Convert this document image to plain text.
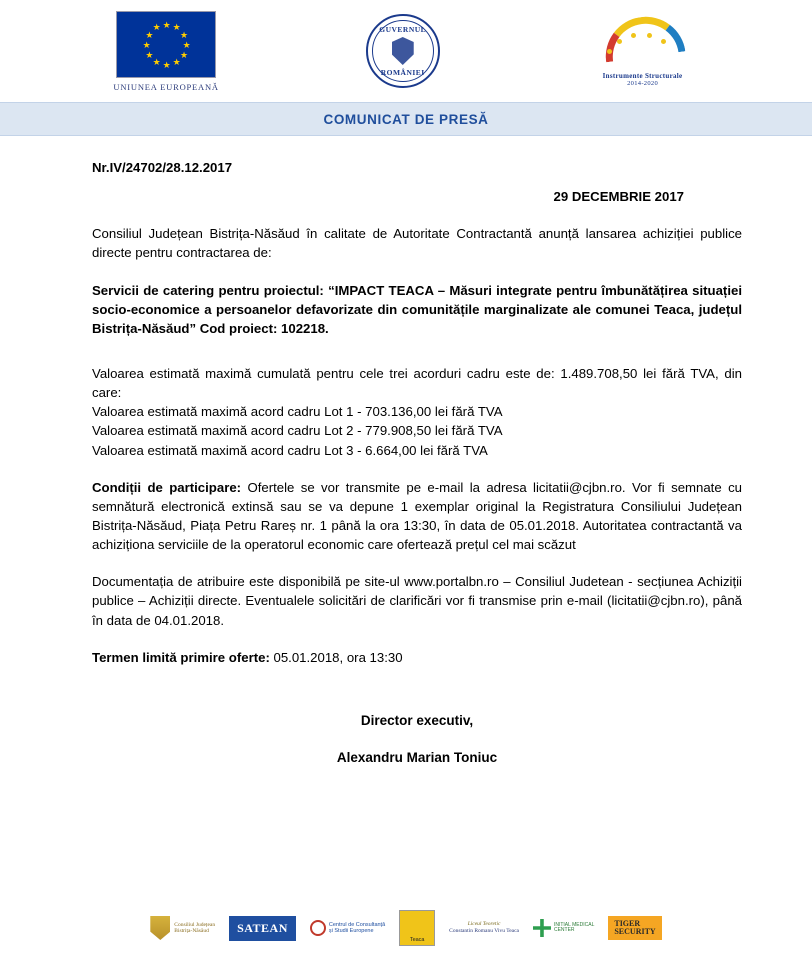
★ ★
★
★
★
★
★
★
★
★
★
★
UNIUNEA EUROPEANĂ
GUVERNUL
ROMÂNIEI	Instrumente Structurale
2014-2020
COMUNICAT DE PRESĂ
Nr.IV/24702/28.12.2017
29 DECEMBRIE 2017
Consiliul Județean Bistrița-Năsăud în calitate de Autoritate Contractantă anunță lansarea achiziției publice directe pentru contractarea de:
Servicii de catering pentru proiectul: “IMPACT TEACA – Măsuri integrate pentru îmbunătățirea situației socio-economice a persoanelor defavorizate din comunitățile marginalizate ale comunei Teaca, județul Bistrița-Năsăud” Cod proiect: 102218.
Valoarea estimată maximă cumulată pentru cele trei acorduri cadru este de: 1.489.708,50 lei fără TVA, din care:
Valoarea estimată maximă acord cadru Lot 1 - 703.136,00 lei fără TVA
Valoarea estimată maximă acord cadru Lot 2 - 779.908,50 lei fără TVA
Valoarea estimată maximă acord cadru Lot 3 - 6.664,00 lei fără TVA
Condiții de participare: Ofertele se vor transmite pe e-mail la adresa licitatii@cjbn.ro. Vor fi semnate cu semnătură electronică extinsă sau se va depune 1 exemplar original la Registratura Consiliului Județean Bistrița-Năsăud, Piața Petru Rareș nr. 1 până la ora 13:30, în data de 05.01.2018. Autoritatea contractantă va achiziționa serviciile de la operatorul economic care ofertează prețul cel mai scăzut
Documentația de atribuire este disponibilă pe site-ul www.portalbn.ro – Consiliul Judetean - secțiunea Achiziții publice – Achiziții directe. Eventualele solicitări de clarificări vor fi transmise prin e-mail (licitatii@cjbn.ro), până în data de 04.01.2018.
Termen limită primire oferte: 05.01.2018, ora 13:30
Director executiv,
Alexandru Marian Toniuc
Consiliul Județean
Bistrița-Năsăud	SATEAN	Centrul de Consultanță
și Studii Europene
Teaca
Liceul Teoretic
Constantin Romanu Vivu Teaca
INITIAL MEDICAL
CENTER
TIGER
SECURITY
